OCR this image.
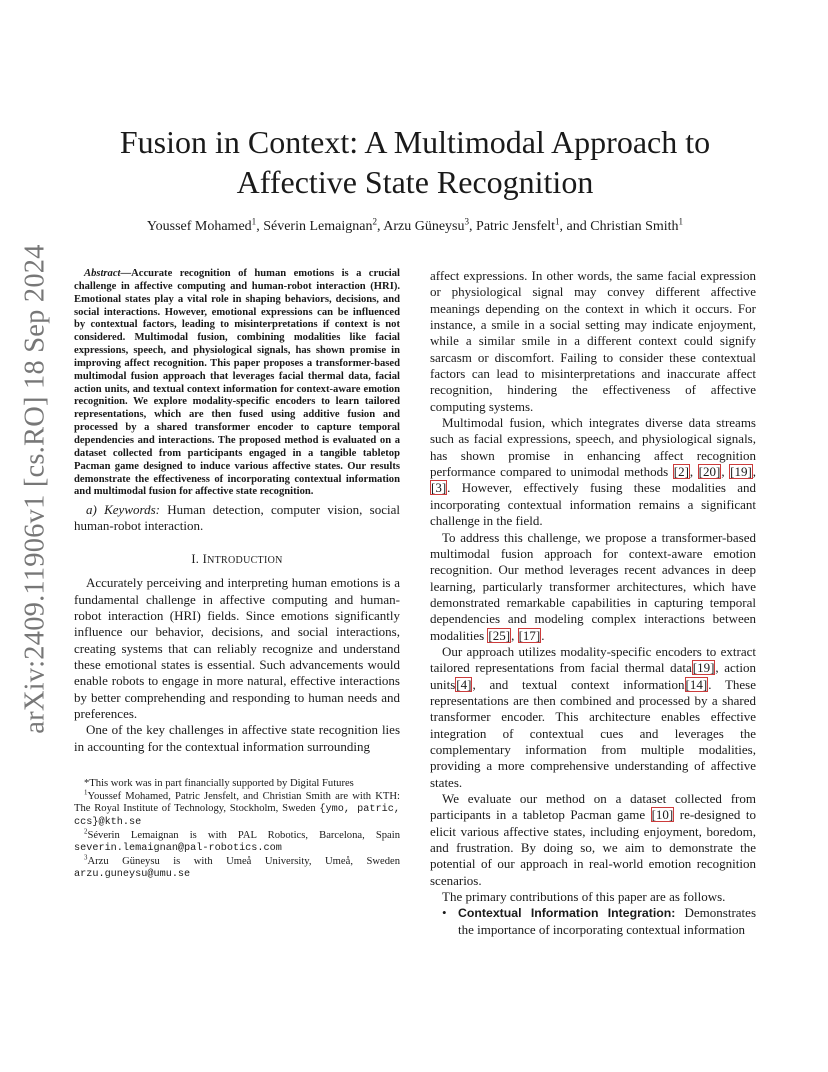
arXiv:2409.11906v1 [cs.RO] 18 Sep 2024
Fusion in Context: A Multimodal Approach to
Affective State Recognition
Youssef Mohamed$^1$, Séverin Lemaignan$^2$, Arzu Güneysu$^3$, Patric Jensfelt$^1$, and Christian Smith$^1$

Abstract—Accurate recognition of human emotions is a crucial challenge in affective computing and human-robot interaction (HRI). Emotional states play a vital role in shaping behaviors, decisions, and social interactions. However, emotional expressions can be influenced by contextual factors, leading to misinterpretations if context is not considered. Multimodal fusion, combining modalities like facial expressions, speech, and physiological signals, has shown promise in improving affect recognition. This paper proposes a transformer-based multimodal fusion approach that leverages facial thermal data, facial action units, and textual context information for context-aware emotion recognition. We explore modality-specific encoders to learn tailored representations, which are then fused using additive fusion and processed by a shared transformer encoder to capture temporal dependencies and interactions. The proposed method is evaluated on a dataset collected from participants engaged in a tangible tabletop Pacman game designed to induce various affective states. Our results demonstrate the effectiveness of incorporating contextual information and multimodal fusion for affective state recognition.

a) Keywords: Human detection, computer vision, social human-robot interaction.

I. INTRODUCTION

Accurately perceiving and interpreting human emotions is a fundamental challenge in affective computing and human-robot interaction (HRI) fields. Since emotions significantly influence our behavior, decisions, and social interactions, creating systems that can reliably recognize and understand these emotional states is essential. Such advancements would enable robots to engage in more natural, effective interactions by better comprehending and responding to human needs and preferences.

One of the key challenges in affective state recognition lies in accounting for the contextual information surrounding

*This work was in part financially supported by Digital Futures

$^1$Youssef Mohamed, Patric Jensfelt, and Christian Smith are with KTH: The Royal Institute of Technology, Stockholm, Sweden {ymo, patric, ccs}@kth.se

$^2$Séverin Lemaignan is with PAL Robotics, Barcelona, Spain severin.lemaignan@pal-robotics.com

$^3$Arzu Güneysu is with Umeå University, Umeå, Sweden arzu.guneysu@umu.se

affect expressions. In other words, the same facial expression or physiological signal may convey different affective meanings depending on the context in which it occurs. For instance, a smile in a social setting may indicate enjoyment, while a similar smile in a different context could signify sarcasm or discomfort. Failing to consider these contextual factors can lead to misinterpretations and inaccurate affect recognition, hindering the effectiveness of affective computing systems.

Multimodal fusion, which integrates diverse data streams such as facial expressions, speech, and physiological signals, has shown promise in enhancing affect recognition performance compared to unimodal methods [2], [20], [19], [3]. However, effectively fusing these modalities and incorporating contextual information remains a significant challenge in the field.

To address this challenge, we propose a transformer-based multimodal fusion approach for context-aware emotion recognition. Our method leverages recent advances in deep learning, particularly transformer architectures, which have demonstrated remarkable capabilities in capturing temporal dependencies and modeling complex interactions between modalities [25], [17].

Our approach utilizes modality-specific encoders to extract tailored representations from facial thermal data[19], action units[4], and textual context information[14]. These representations are then combined and processed by a shared transformer encoder. This architecture enables effective integration of contextual cues and leverages the complementary information from multiple modalities, providing a more comprehensive understanding of affective states.

We evaluate our method on a dataset collected from participants in a tabletop Pacman game [10] re-designed to elicit various affective states, including enjoyment, boredom, and frustration. By doing so, we aim to demonstrate the potential of our approach in real-world emotion recognition scenarios.

The primary contributions of this paper are as follows.

• Contextual Information Integration: Demonstrates the importance of incorporating contextual information
